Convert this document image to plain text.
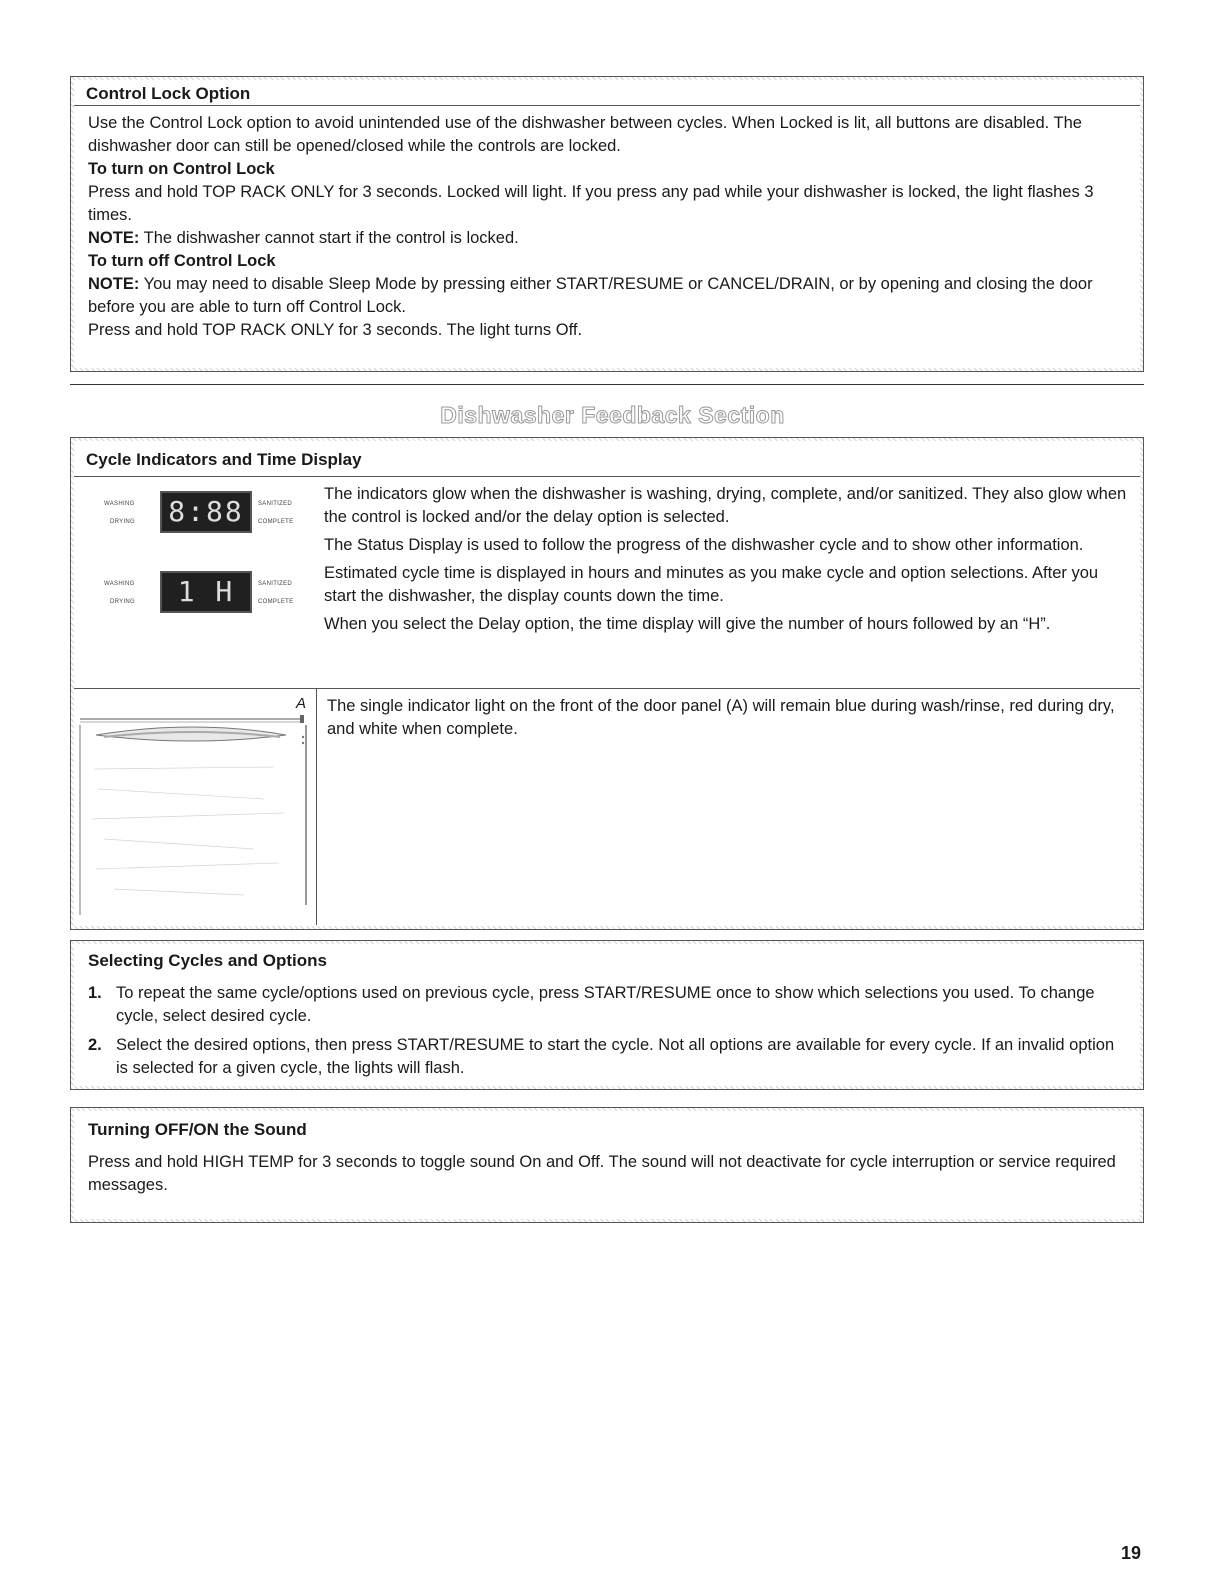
Control Lock Option

Use the Control Lock option to avoid unintended use of the dishwasher between cycles. When Locked is lit, all buttons are disabled. The dishwasher door can still be opened/closed while the controls are locked.

To turn on Control Lock

Press and hold TOP RACK ONLY for 3 seconds. Locked will light. If you press any pad while your dishwasher is locked, the light flashes 3 times.

NOTE: The dishwasher cannot start if the control is locked.

To turn off Control Lock

NOTE: You may need to disable Sleep Mode by pressing either START/RESUME or CANCEL/DRAIN, or by opening and closing the door before you are able to turn off Control Lock.

Press and hold TOP RACK ONLY for 3 seconds. The light turns Off.

Dishwasher Feedback Section
Cycle Indicators and Time Display
WASHING
DRYING 8:88	SANITIZED
COMPLETE
WASHING
DRYING	1 H	SANITIZED
COMPLETE

The indicators glow when the dishwasher is washing, drying, complete, and/or sanitized. They also glow when the control is locked and/or the delay option is selected.

The Status Display is used to follow the progress of the dishwasher cycle and to show other information.

Estimated cycle time is displayed in hours and minutes as you make cycle and option selections. After you start the dishwasher, the display counts down the time.

When you select the Delay option, the time display will give the number of hours followed by an “H”.

A The single indicator light on the front of the door panel (A) will remain blue during wash/rinse, red during dry, and white when complete.

Selecting Cycles and Options
1. To repeat the same cycle/options used on previous cycle, press START/RESUME once to show which selections you used. To change cycle, select desired cycle.
2. Select the desired options, then press START/RESUME to start the cycle. Not all options are available for every cycle. If an invalid option is selected for a given cycle, the lights will flash.
Turning OFF/ON the Sound

Press and hold HIGH TEMP for 3 seconds to toggle sound On and Off. The sound will not deactivate for cycle interruption or service required messages.

19
